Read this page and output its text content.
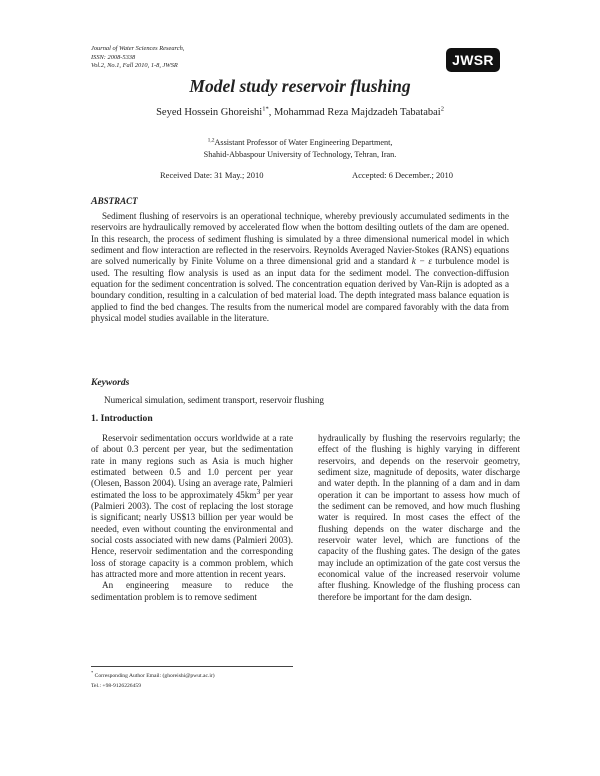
Journal of Water Sciences Research,
ISSN: 2008-5338
Vol.2, No.1, Fall 2010, 1-8, JWSR	JWSR
Model study reservoir flushing
Seyed Hossein Ghoreishi$^{1*}$, Mohammad Reza Majdzadeh Tabatabai$^2$
$^{1,2}$Assistant Professor of Water Engineering Department,
Shahid-Abbaspour University of Technology, Tehran, Iran.
Received Date: 31 May.; 2010	Accepted: 6 December.; 2010
ABSTRACT

Sediment flushing of reservoirs is an operational technique, whereby previously accumulated sediments in the reservoirs are hydraulically removed by accelerated flow when the bottom desilting outlets of the dam are opened. In this research, the process of sediment flushing is simulated by a three dimensional numerical model in which sediment and flow interaction are reflected in the reservoirs. Reynolds Averaged Navier-Stokes (RANS) equations are solved numerically by Finite Volume on a three dimensional grid and a standard k − ε turbulence model is used. The resulting flow analysis is used as an input data for the sediment model. The convection-diffusion equation for the sediment concentration is solved. The concentration equation derived by Van-Rijn is adopted as a boundary condition, resulting in a calculation of bed material load. The depth integrated mass balance equation is applied to find the bed changes. The results from the numerical model are compared favorably with the data from physical model studies available in the literature.

Keywords
Numerical simulation, sediment transport, reservoir flushing
1. Introduction

Reservoir sedimentation occurs worldwide at a rate of about 0.3 percent per year, but the sedimentation rate in many regions such as Asia is much higher estimated between 0.5 and 1.0 percent per year (Olesen, Basson 2004). Using an average rate, Palmieri estimated the loss to be approximately $45km^3$ per year (Palmieri 2003). The cost of replacing the lost storage is significant; nearly US$13 billion per year would be needed, even without counting the environmental and social costs associated with new dams (Palmieri 2003). Hence, reservoir sedimentation and the corresponding loss of storage capacity is a common problem, which has attracted more and more attention in recent years.

An engineering measure to reduce the sedimentation problem is to remove sediment

hydraulically by flushing the reservoirs regularly; the effect of the flushing is highly varying in different reservoirs, and depends on the reservoir geometry, sediment size, magnitude of deposits, water discharge and water depth. In the planning of a dam and in dam operation it can be important to assess how much of the sediment can be removed, and how much flushing water is required. In most cases the effect of the flushing depends on the water discharge and the reservoir water level, which are functions of the capacity of the flushing gates. The design of the gates may include an optimization of the gate cost versus the economical value of the increased reservoir volume after flushing. Knowledge of the flushing process can therefore be important for the dam design.

* Corresponding Author Email: (ghoreishi@pwut.ac.ir)
Tel.: +98-9126226459
